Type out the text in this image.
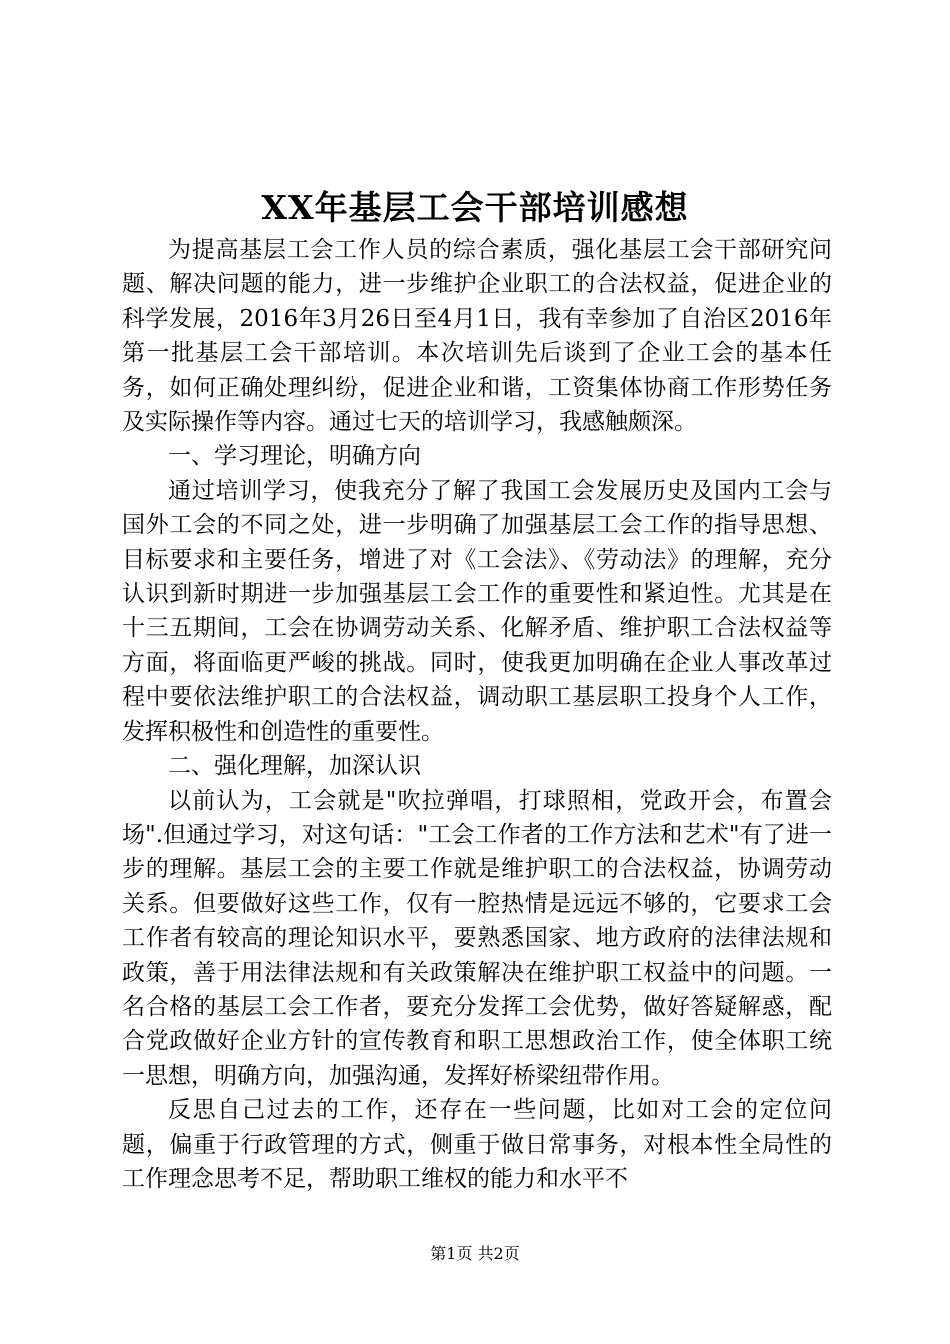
XX年基层工会干部培训感想

为提高基层工会工作人员的综合素质，强化基层工会干部研究问题、解决问题的能力，进一步维护企业职工的合法权益，促进企业的科学发展，2016年3月26日至4月1日，我有幸参加了自治区2016年第一批基层工会干部培训。本次培训先后谈到了企业工会的基本任务，如何正确处理纠纷，促进企业和谐，工资集体协商工作形势任务及实际操作等内容。通过七天的培训学习，我感触颇深。

一、学习理论，明确方向

通过培训学习，使我充分了解了我国工会发展历史及国内工会与国外工会的不同之处，进一步明确了加强基层工会工作的指导思想、目标要求和主要任务，增进了对《工会法》、《劳动法》的理解，充分认识到新时期进一步加强基层工会工作的重要性和紧迫性。尤其是在十三五期间，工会在协调劳动关系、化解矛盾、维护职工合法权益等方面，将面临更严峻的挑战。同时，使我更加明确在企业人事改革过程中要依法维护职工的合法权益，调动职工基层职工投身个人工作，发挥积极性和创造性的重要性。

二、强化理解，加深认识

以前认为，工会就是"吹拉弹唱，打球照相，党政开会，布置会场".但通过学习，对这句话："工会工作者的工作方法和艺术"有了进一步的理解。基层工会的主要工作就是维护职工的合法权益，协调劳动关系。但要做好这些工作，仅有一腔热情是远远不够的，它要求工会工作者有较高的理论知识水平，要熟悉国家、地方政府的法律法规和政策，善于用法律法规和有关政策解决在维护职工权益中的问题。一名合格的基层工会工作者，要充分发挥工会优势，做好答疑解惑，配合党政做好企业方针的宣传教育和职工思想政治工作，使全体职工统一思想，明确方向，加强沟通，发挥好桥梁纽带作用。

反思自己过去的工作，还存在一些问题，比如对工会的定位问题，偏重于行政管理的方式，侧重于做日常事务，对根本性全局性的工作理念思考不足，帮助职工维权的能力和水平不

第1页 共2页
